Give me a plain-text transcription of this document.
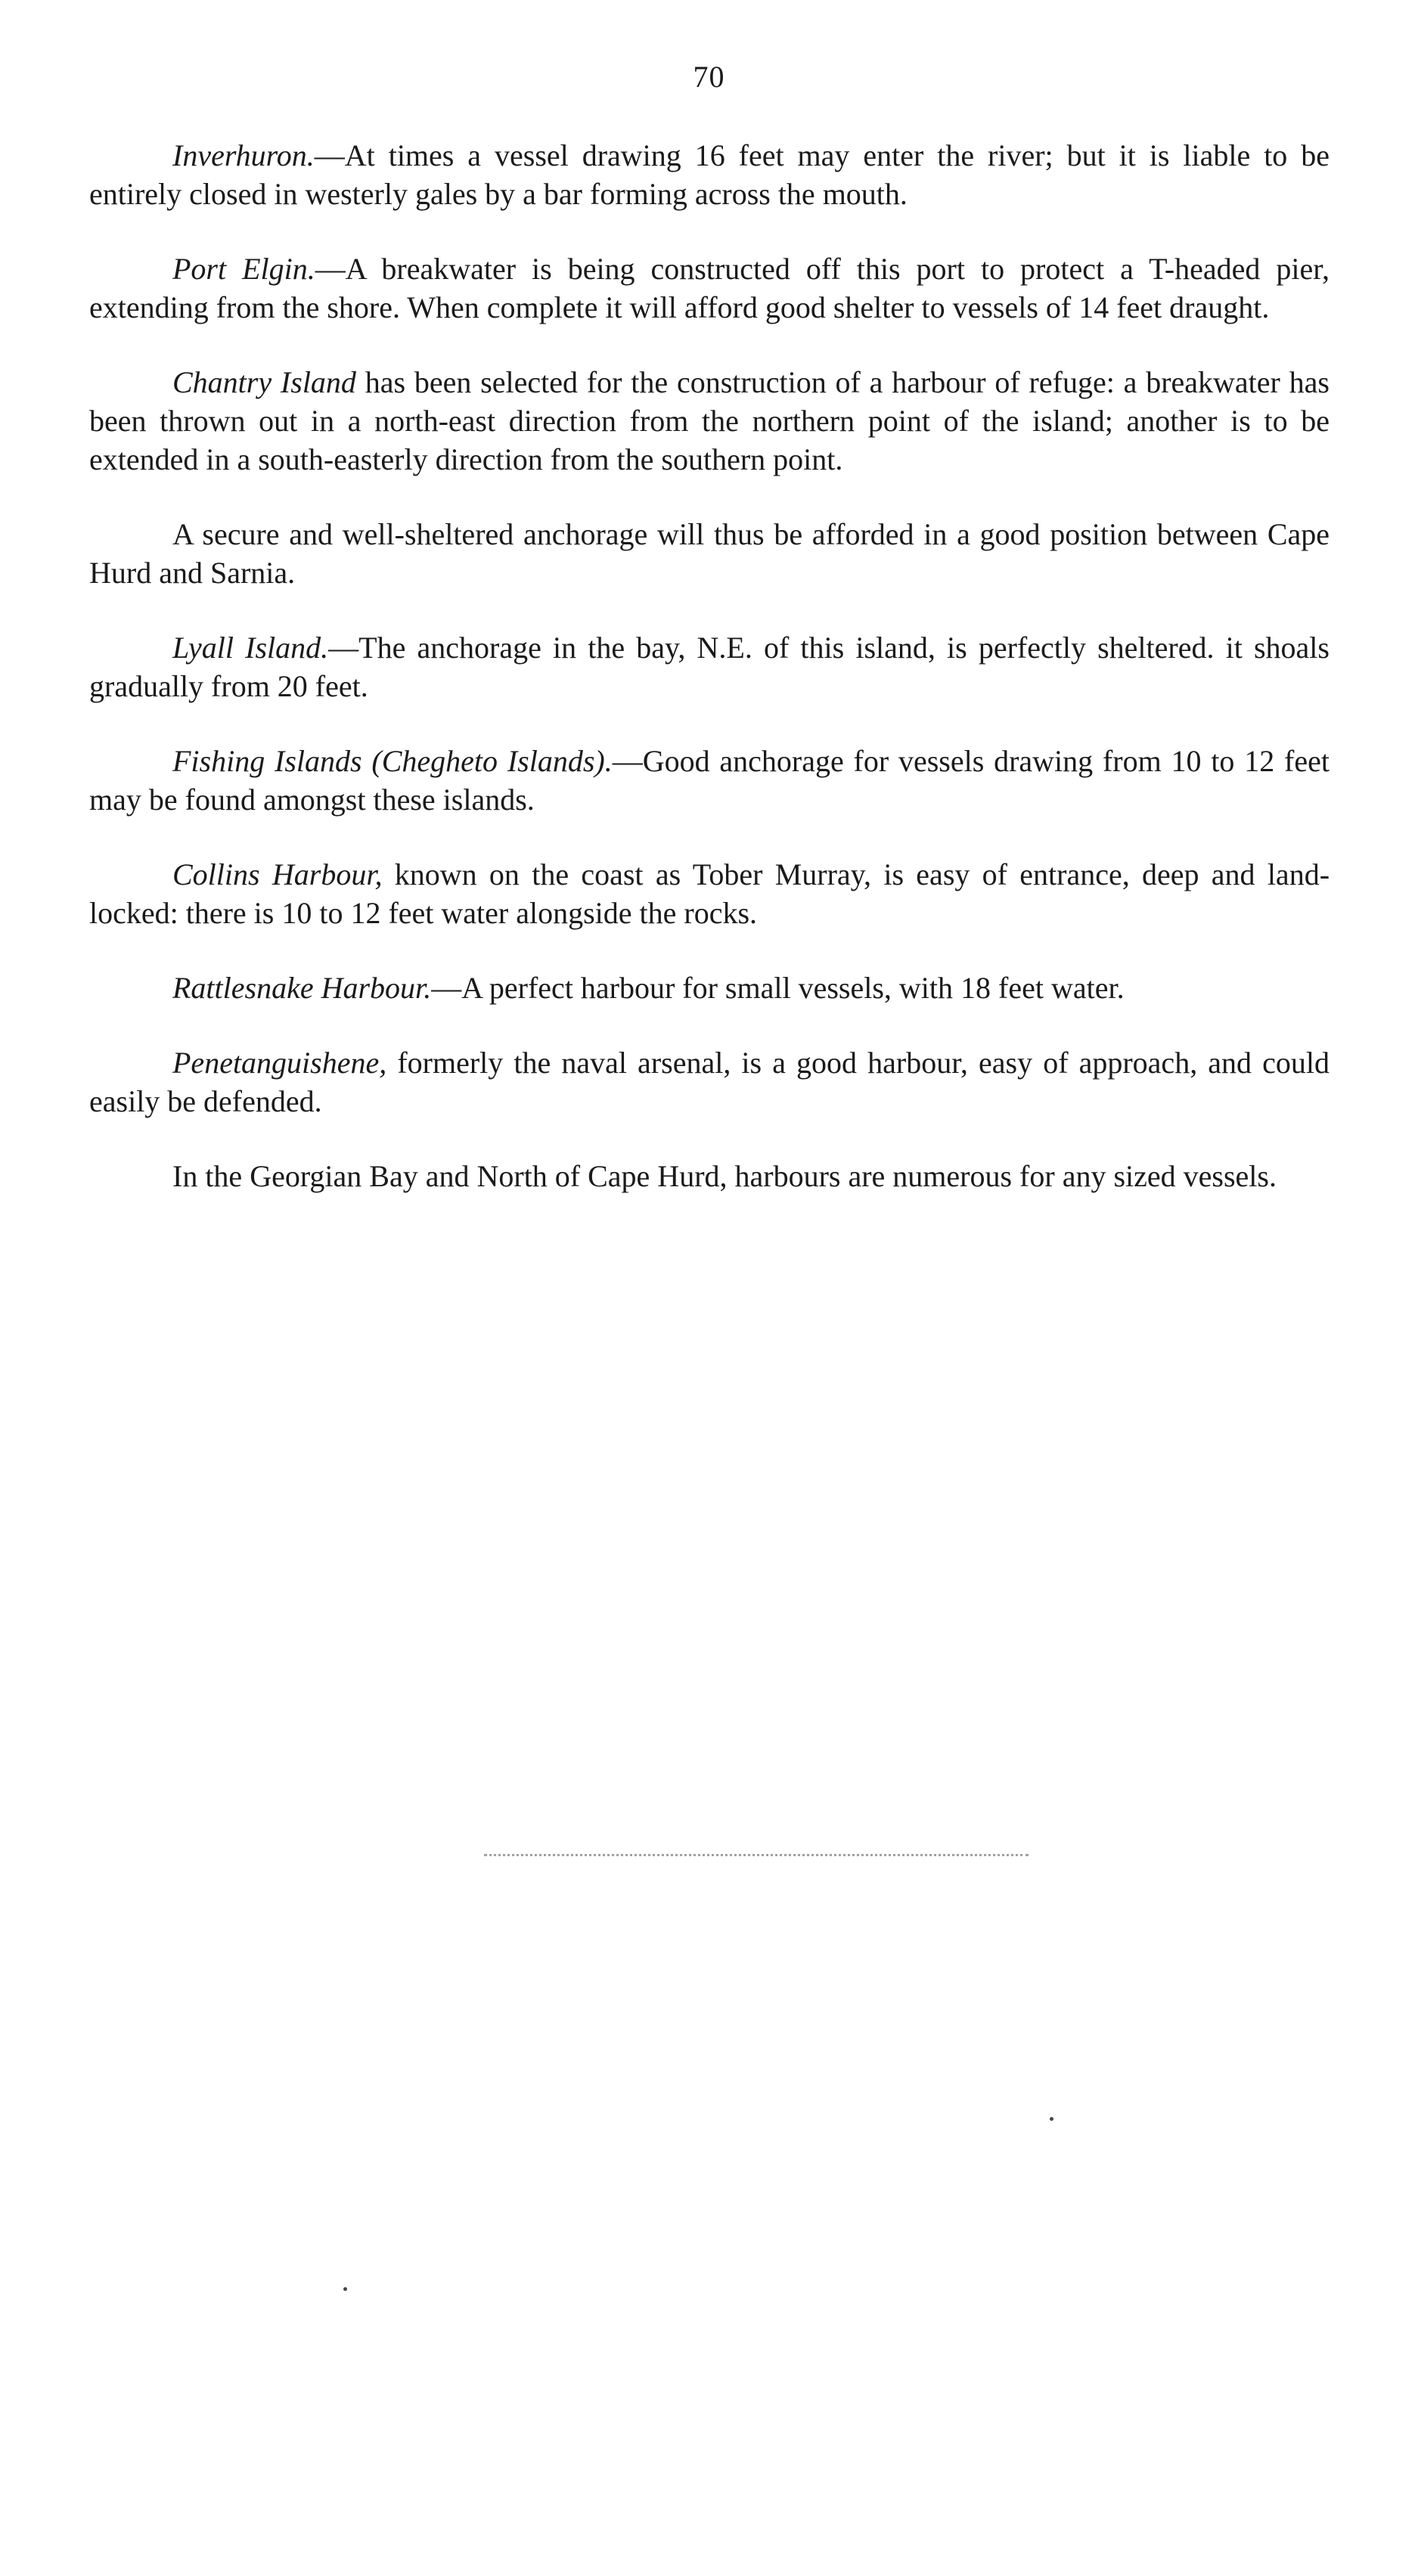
70

Inverhuron.—At times a vessel drawing 16 feet may enter the river; but it is liable to be entirely closed in westerly gales by a bar forming across the mouth.

Port Elgin.—A breakwater is being constructed off this port to protect a T-headed pier, extending from the shore. When complete it will afford good shelter to vessels of 14 feet draught.

Chantry Island has been selected for the construction of a harbour of refuge: a breakwater has been thrown out in a north-east direction from the northern point of the island; another is to be extended in a south-easterly direction from the southern point.

A secure and well-sheltered anchorage will thus be afforded in a good position between Cape Hurd and Sarnia.

Lyall Island.—The anchorage in the bay, N.E. of this island, is perfectly sheltered. it shoals gradually from 20 feet.

Fishing Islands (Chegheto Islands).—Good anchorage for vessels drawing from 10 to 12 feet may be found amongst these islands.

Collins Harbour, known on the coast as Tober Murray, is easy of entrance, deep and land-locked: there is 10 to 12 feet water alongside the rocks.

Rattlesnake Harbour.—A perfect harbour for small vessels, with 18 feet water.

Penetanguishene, formerly the naval arsenal, is a good harbour, easy of approach, and could easily be defended.

In the Georgian Bay and North of Cape Hurd, harbours are numerous for any sized vessels.
